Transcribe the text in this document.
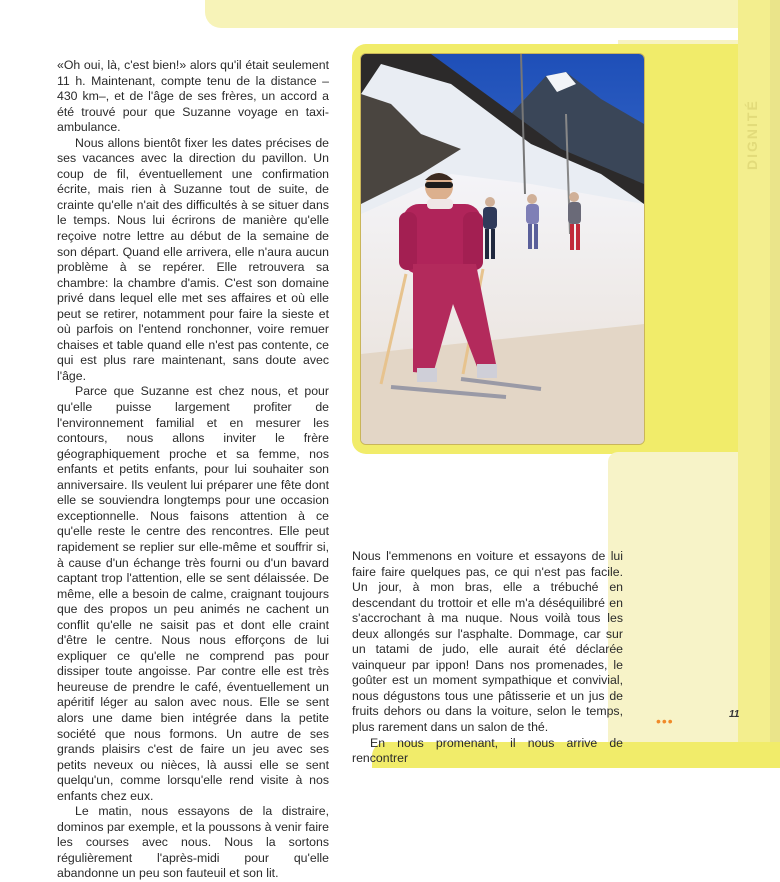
DIGNITÉ

«Oh oui, là, c'est bien!» alors qu'il était seulement 11 h. Maintenant, compte tenu de la distance –430 km–, et de l'âge de ses frères, un accord a été trouvé pour que Suzanne voyage en taxi-ambulance.

Nous allons bientôt fixer les dates précises de ses vacances avec la direction du pavillon. Un coup de fil, éventuellement une confirmation écrite, mais rien à Suzanne tout de suite, de crainte qu'elle n'ait des difficultés à se situer dans le temps. Nous lui écrirons de manière qu'elle reçoive notre lettre au début de la semaine de son départ. Quand elle arrivera, elle n'aura aucun problème à se repérer. Elle retrouvera sa chambre: la chambre d'amis. C'est son domaine privé dans lequel elle met ses affaires et où elle peut se retirer, notamment pour faire la sieste et où parfois on l'entend ronchonner, voire remuer chaises et table quand elle n'est pas contente, ce qui est plus rare maintenant, sans doute avec l'âge.

Parce que Suzanne est chez nous, et pour qu'elle puisse largement profiter de l'environnement familial et en mesurer les contours, nous allons inviter le frère géographiquement proche et sa femme, nos enfants et petits enfants, pour lui souhaiter son anniversaire. Ils veulent lui préparer une fête dont elle se souviendra longtemps pour une occasion exceptionnelle. Nous faisons attention à ce qu'elle reste le centre des rencontres. Elle peut rapidement se replier sur elle-même et souffrir si, à cause d'un échange très fourni ou d'un bavard captant trop l'attention, elle se sent délaissée. De même, elle a besoin de calme, craignant toujours que des propos un peu animés ne cachent un conflit qu'elle ne saisit pas et dont elle craint d'être le centre. Nous nous efforçons de lui expliquer ce qu'elle ne comprend pas pour dissiper toute angoisse. Par contre elle est très heureuse de prendre le café, éventuellement un apéritif léger au salon avec nous. Elle se sent alors une dame bien intégrée dans la petite société que nous formons. Un autre de ses grands plaisirs c'est de faire un jeu avec ses petits neveux ou nièces, là aussi elle se sent quelqu'un, comme lorsqu'elle rend visite à nos enfants chez eux.

Le matin, nous essayons de la distraire, dominos par exemple, et la poussons à venir faire les courses avec nous. Nous la sortons régulièrement l'après-midi pour qu'elle abandonne un peu son fauteuil et son lit.

Nous l'emmenons en voiture et essayons de lui faire faire quelques pas, ce qui n'est pas facile. Un jour, à mon bras, elle a trébuché en descendant du trottoir et elle m'a déséquilibré en s'accrochant à ma nuque. Nous voilà tous les deux allongés sur l'asphalte. Dommage, car sur un tatami de judo, elle aurait été déclarée vainqueur par ippon! Dans nos promenades, le goûter est un moment sympathique et convivial, nous dégustons tous une pâtisserie et un jus de fruits dehors ou dans la voiture, selon le temps, plus rarement dans un salon de thé.

En nous promenant, il nous arrive de rencontrer

•••	11
